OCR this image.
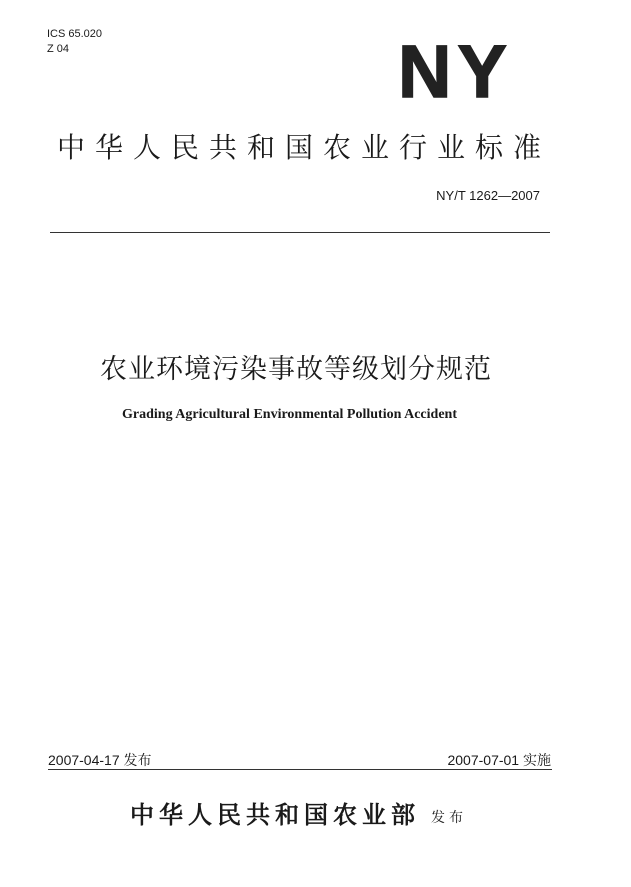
ICS 65.020
Z 04	NY
中华人民共和国农业行业标准
NY/T 1262—2007
农业环境污染事故等级划分规范
Grading Agricultural Environmental Pollution Accident
2007-04-17 发布	2007-07-01 实施
中华人民共和国农业部 发布
